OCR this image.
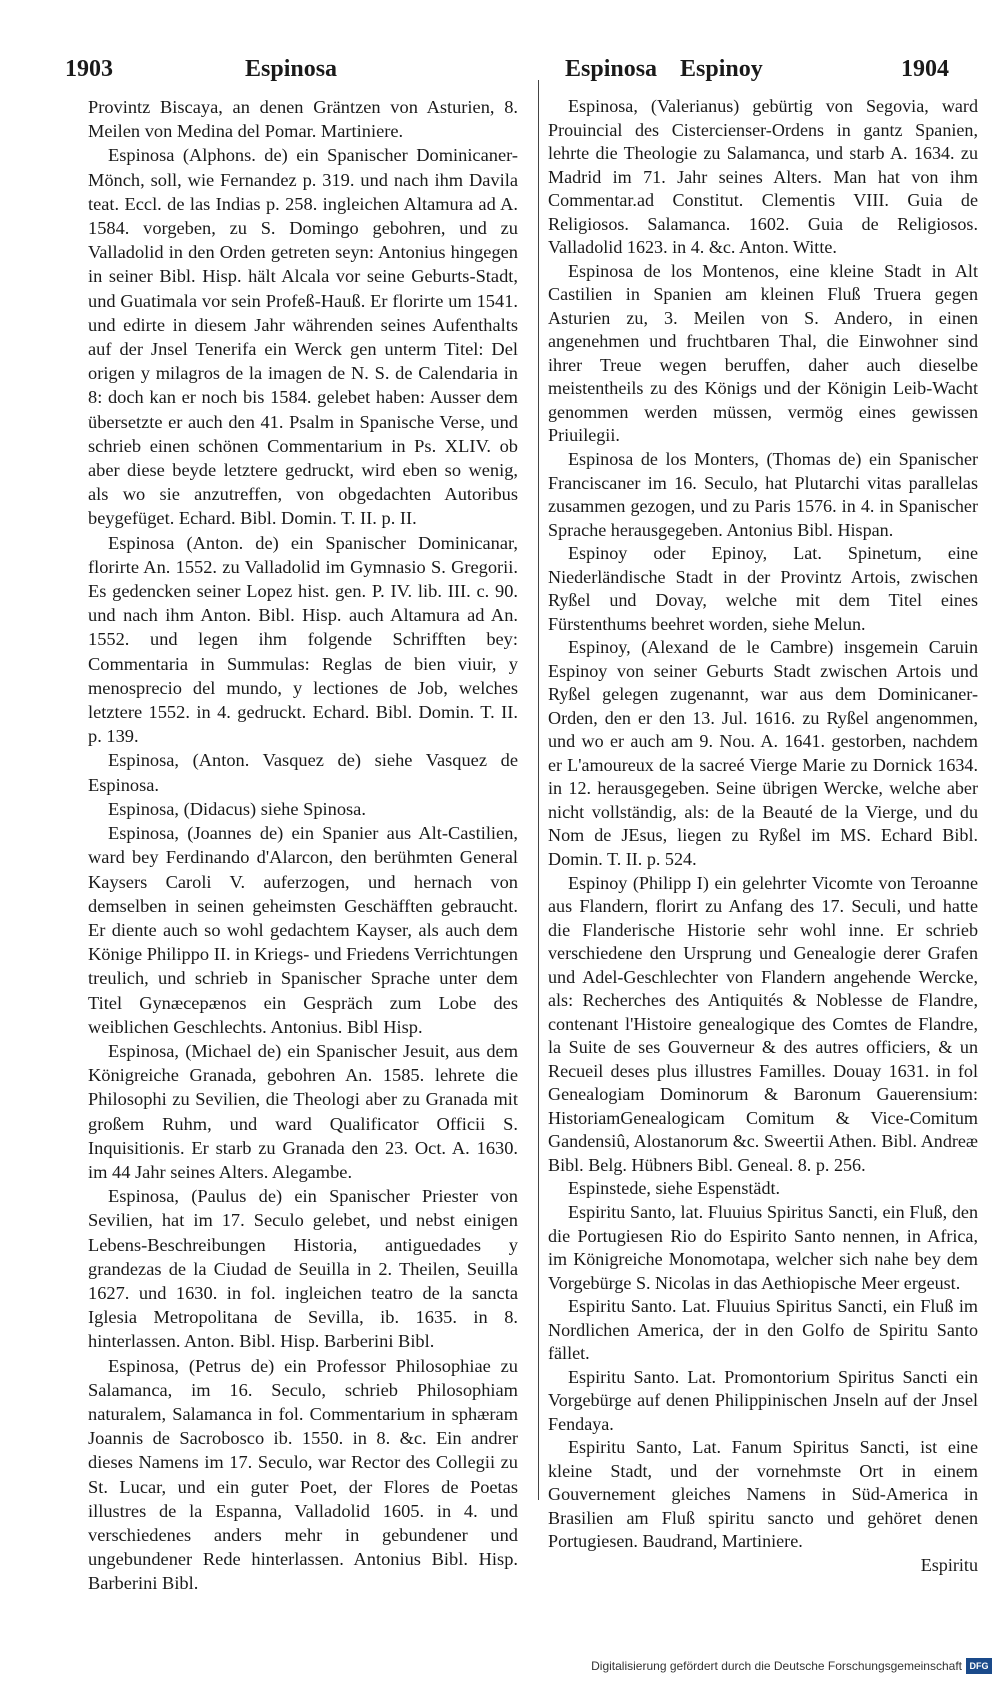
1903	Espinosa	Espinosa Espinoy	1904

Provintz Biscaya, an denen Gräntzen von Asturien, 8. Meilen von Medina del Pomar. Martiniere.

Espinosa (Alphons. de) ein Spanischer Dominicaner-Mönch, soll, wie Fernandez p. 319. und nach ihm Davila teat. Eccl. de las Indias p. 258. ingleichen Altamura ad A. 1584. vorgeben, zu S. Domingo gebohren, und zu Valladolid in den Orden getreten seyn: Antonius hingegen in seiner Bibl. Hisp. hält Alcala vor seine Geburts-Stadt, und Guatimala vor sein Profeß-Hauß. Er florirte um 1541. und edirte in diesem Jahr währenden seines Aufenthalts auf der Jnsel Tenerifa ein Werck gen unterm Titel: Del origen y milagros de la imagen de N. S. de Calendaria in 8: doch kan er noch bis 1584. gelebet haben: Ausser dem übersetzte er auch den 41. Psalm in Spanische Verse, und schrieb einen schönen Commentarium in Ps. XLIV. ob aber diese beyde letztere gedruckt, wird eben so wenig, als wo sie anzutreffen, von obgedachten Autoribus beygefüget. Echard. Bibl. Domin. T. II. p. II.

Espinosa (Anton. de) ein Spanischer Dominicanar, florirte An. 1552. zu Valladolid im Gymnasio S. Gregorii. Es gedencken seiner Lopez hist. gen. P. IV. lib. III. c. 90. und nach ihm Anton. Bibl. Hisp. auch Altamura ad An. 1552. und legen ihm folgende Schrifften bey: Commentaria in Summulas: Reglas de bien viuir, y menosprecio del mundo, y lectiones de Job, welches letztere 1552. in 4. gedruckt. Echard. Bibl. Domin. T. II. p. 139.

Espinosa, (Anton. Vasquez de) siehe Vasquez de Espinosa.

Espinosa, (Didacus) siehe Spinosa.

Espinosa, (Joannes de) ein Spanier aus Alt-Castilien, ward bey Ferdinando d'Alarcon, den berühmten General Kaysers Caroli V. auferzogen, und hernach von demselben in seinen geheimsten Geschäfften gebraucht. Er diente auch so wohl gedachtem Kayser, als auch dem Könige Philippo II. in Kriegs- und Friedens Verrichtungen treulich, und schrieb in Spanischer Sprache unter dem Titel Gynæcepænos ein Gespräch zum Lobe des weiblichen Geschlechts. Antonius. Bibl Hisp.

Espinosa, (Michael de) ein Spanischer Jesuit, aus dem Königreiche Granada, gebohren An. 1585. lehrete die Philosophi zu Sevilien, die Theologi aber zu Granada mit großem Ruhm, und ward Qualificator Officii S. Inquisitionis. Er starb zu Granada den 23. Oct. A. 1630. im 44 Jahr seines Alters. Alegambe.

Espinosa, (Paulus de) ein Spanischer Priester von Sevilien, hat im 17. Seculo gelebet, und nebst einigen Lebens-Beschreibungen Historia, antiguedades y grandezas de la Ciudad de Seuilla in 2. Theilen, Seuilla 1627. und 1630. in fol. ingleichen teatro de la sancta Iglesia Metropolitana de Sevilla, ib. 1635. in 8. hinterlassen. Anton. Bibl. Hisp. Barberini Bibl.

Espinosa, (Petrus de) ein Professor Philosophiae zu Salamanca, im 16. Seculo, schrieb Philosophiam naturalem, Salamanca in fol. Commentarium in sphæram Joannis de Sacrobosco ib. 1550. in 8. &c. Ein andrer dieses Namens im 17. Seculo, war Rector des Collegii zu St. Lucar, und ein guter Poet, der Flores de Poetas illustres de la Espanna, Valladolid 1605. in 4. und verschiedenes anders mehr in gebundener und ungebundener Rede hinterlassen. Antonius Bibl. Hisp. Barberini Bibl.

Espinosa, (Valerianus) gebürtig von Segovia, ward Prouincial des Cistercienser-Ordens in gantz Spanien, lehrte die Theologie zu Salamanca, und starb A. 1634. zu Madrid im 71. Jahr seines Alters. Man hat von ihm Commentar.ad Constitut. Clementis VIII. Guia de Religiosos. Salamanca. 1602. Guia de Religiosos. Valladolid 1623. in 4. &c. Anton. Witte.

Espinosa de los Montenos, eine kleine Stadt in Alt Castilien in Spanien am kleinen Fluß Truera gegen Asturien zu, 3. Meilen von S. Andero, in einen angenehmen und fruchtbaren Thal, die Einwohner sind ihrer Treue wegen beruffen, daher auch dieselbe meistentheils zu des Königs und der Königin Leib-Wacht genommen werden müssen, vermög eines gewissen Priuilegii.

Espinosa de los Monters, (Thomas de) ein Spanischer Franciscaner im 16. Seculo, hat Plutarchi vitas parallelas zusammen gezogen, und zu Paris 1576. in 4. in Spanischer Sprache herausgegeben. Antonius Bibl. Hispan.

Espinoy oder Epinoy, Lat. Spinetum, eine Niederländische Stadt in der Provintz Artois, zwischen Ryßel und Dovay, welche mit dem Titel eines Fürstenthums beehret worden, siehe Melun.

Espinoy, (Alexand de le Cambre) insgemein Caruin Espinoy von seiner Geburts Stadt zwischen Artois und Ryßel gelegen zugenannt, war aus dem Dominicaner-Orden, den er den 13. Jul. 1616. zu Ryßel angenommen, und wo er auch am 9. Nou. A. 1641. gestorben, nachdem er L'amoureux de la sacreé Vierge Marie zu Dornick 1634. in 12. herausgegeben. Seine übrigen Wercke, welche aber nicht vollständig, als: de la Beauté de la Vierge, und du Nom de JEsus, liegen zu Ryßel im MS. Echard Bibl. Domin. T. II. p. 524.

Espinoy (Philipp I) ein gelehrter Vicomte von Teroanne aus Flandern, florirt zu Anfang des 17. Seculi, und hatte die Flanderische Historie sehr wohl inne. Er schrieb verschiedene den Ursprung und Genealogie derer Grafen und Adel-Geschlechter von Flandern angehende Wercke, als: Recherches des Antiquités & Noblesse de Flandre, contenant l'Histoire genealogique des Comtes de Flandre, la Suite de ses Gouverneur & des autres officiers, & un Recueil deses plus illustres Familles. Douay 1631. in fol Genealogiam Dominorum & Baronum Gauerensium: HistoriamGenealogicam Comitum & Vice-Comitum Gandensiû, Alostanorum &c. Sweertii Athen. Bibl. Andreæ Bibl. Belg. Hübners Bibl. Geneal. 8. p. 256.

Espinstede, siehe Espenstädt.

Espiritu Santo, lat. Fluuius Spiritus Sancti, ein Fluß, den die Portugiesen Rio do Espirito Santo nennen, in Africa, im Königreiche Monomotapa, welcher sich nahe bey dem Vorgebürge S. Nicolas in das Aethiopische Meer ergeust.

Espiritu Santo. Lat. Fluuius Spiritus Sancti, ein Fluß im Nordlichen America, der in den Golfo de Spiritu Santo fället.

Espiritu Santo. Lat. Promontorium Spiritus Sancti ein Vorgebürge auf denen Philippinischen Jnseln auf der Jnsel Fendaya.

Espiritu Santo, Lat. Fanum Spiritus Sancti, ist eine kleine Stadt, und der vornehmste Ort in einem Gouvernement gleiches Namens in Süd-America in Brasilien am Fluß spiritu sancto und gehöret denen Portugiesen. Baudrand, Martiniere.

Espiritu

Digitalisierung gefördert durch die Deutsche Forschungsgemeinschaft DFG
